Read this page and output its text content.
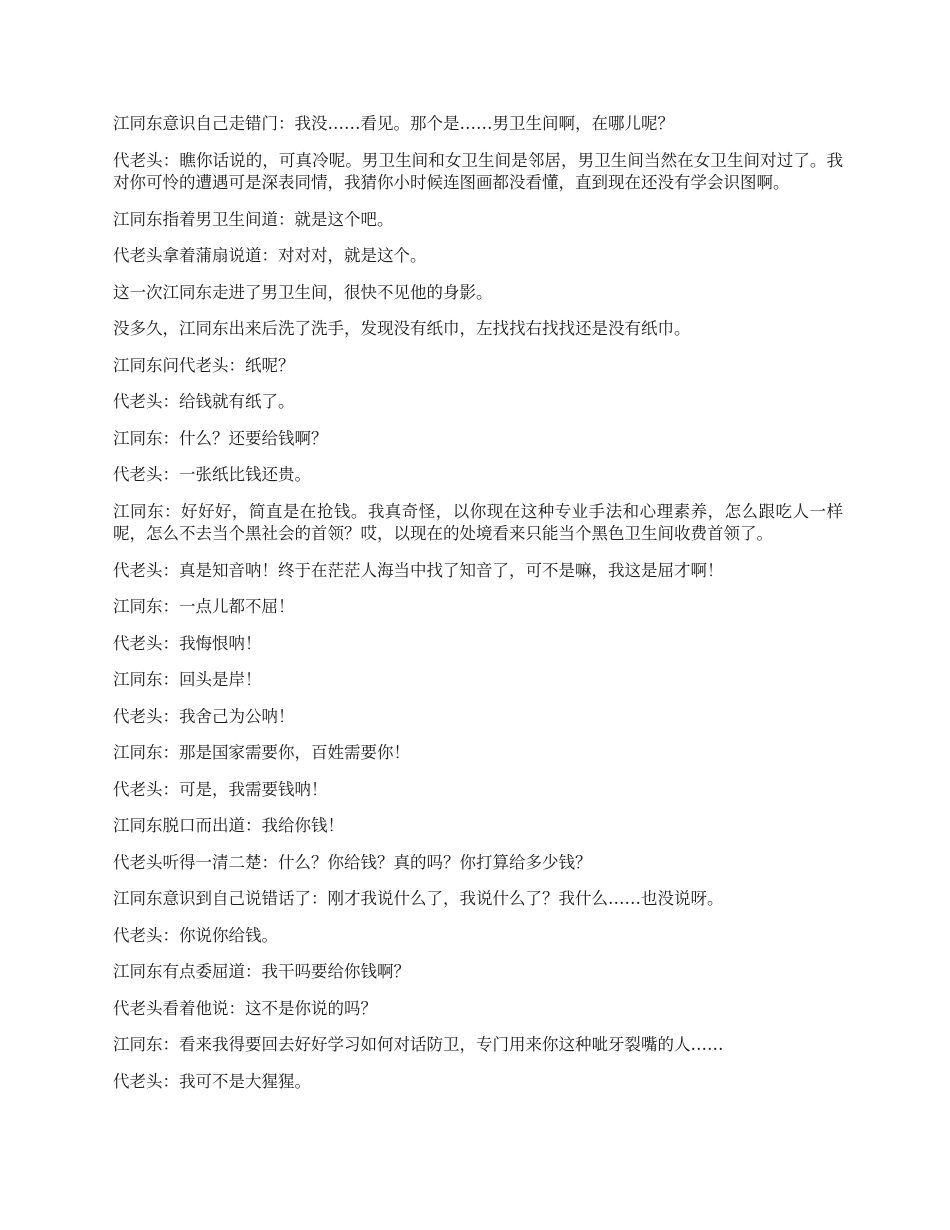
江同东意识自己走错门：我没……看见。那个是……男卫生间啊，在哪儿呢？

代老头：瞧你话说的，可真冷呢。男卫生间和女卫生间是邻居，男卫生间当然在女卫生间对过了。我对你可怜的遭遇可是深表同情，我猜你小时候连图画都没看懂，直到现在还没有学会识图啊。

江同东指着男卫生间道：就是这个吧。

代老头拿着蒲扇说道：对对对，就是这个。

这一次江同东走进了男卫生间，很快不见他的身影。

没多久，江同东出来后洗了洗手，发现没有纸巾，左找找右找找还是没有纸巾。

江同东问代老头：纸呢？

代老头：给钱就有纸了。

江同东：什么？还要给钱啊？

代老头：一张纸比钱还贵。

江同东：好好好，简直是在抢钱。我真奇怪，以你现在这种专业手法和心理素养，怎么跟吃人一样呢，怎么不去当个黑社会的首领？哎，以现在的处境看来只能当个黑色卫生间收费首领了。

代老头：真是知音呐！终于在茫茫人海当中找了知音了，可不是嘛，我这是屈才啊！

江同东：一点儿都不屈！

代老头：我悔恨呐！

江同东：回头是岸！

代老头：我舍己为公呐！

江同东：那是国家需要你，百姓需要你！

代老头：可是，我需要钱呐！

江同东脱口而出道：我给你钱！

代老头听得一清二楚：什么？你给钱？真的吗？你打算给多少钱？

江同东意识到自己说错话了：刚才我说什么了，我说什么了？我什么……也没说呀。

代老头：你说你给钱。

江同东有点委屈道：我干吗要给你钱啊？

代老头看着他说：这不是你说的吗？

江同东：看来我得要回去好好学习如何对话防卫，专门用来你这种呲牙裂嘴的人……

代老头：我可不是大猩猩。
